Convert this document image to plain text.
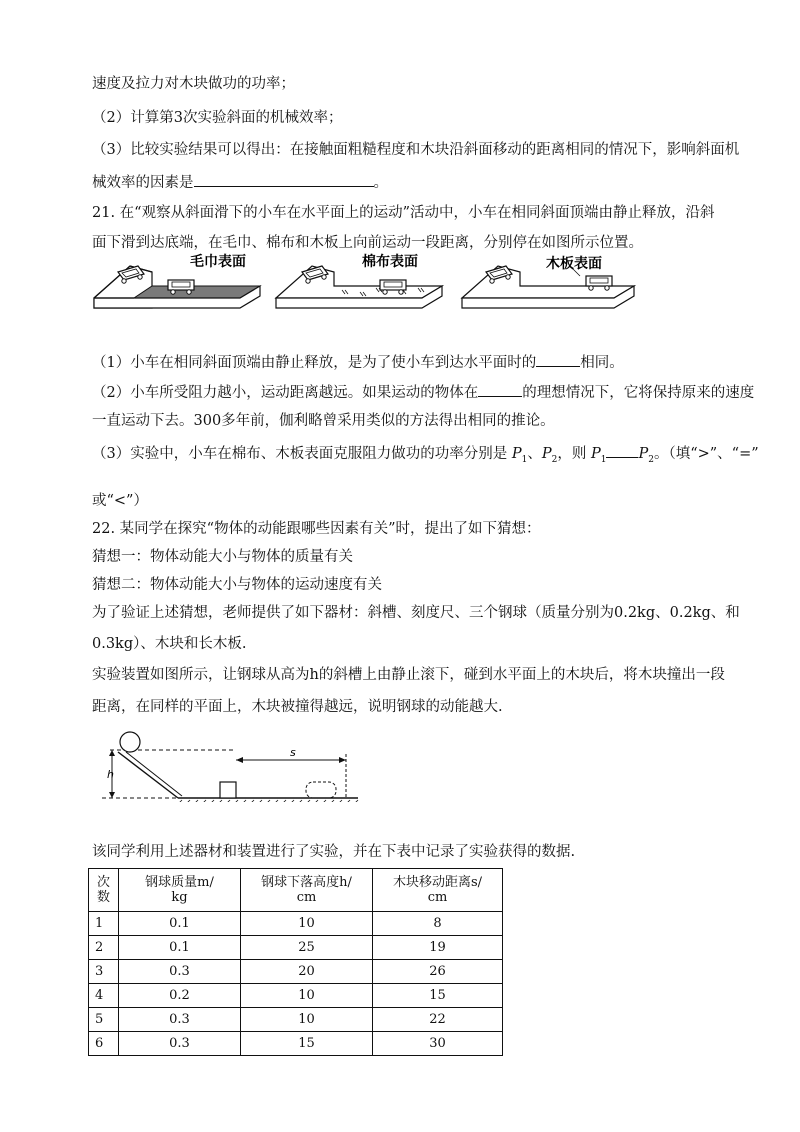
速度及拉力对木块做功的功率；
（2）计算第3次实验斜面的机械效率；
（3）比较实验结果可以得出：在接触面粗糙程度和木块沿斜面移动的距离相同的情况下，影响斜面机
械效率的因素是	。
21. 在“观察从斜面滑下的小车在水平面上的运动”活动中，小车在相同斜面顶端由静止释放，沿斜
面下滑到达底端，在毛巾、棉布和木板上向前运动一段距离，分别停在如图所示位置。
毛巾表面	棉布表面	木板表面
（1）小车在相同斜面顶端由静止释放，是为了使小车到达水平面时的	相同。
（2）小车所受阻力越小，运动距离越远。如果运动的物体在	的理想情况下，它将保持原来的速度
一直运动下去。300多年前，伽利略曾采用类似的方法得出相同的推论。
（3）实验中，小车在棉布、木板表面克服阻力做功的功率分别是 $P_1$、$P_2$，则 $P_1$ $P_2$。（填“>”、“=”
或“<”）
22. 某同学在探究“物体的动能跟哪些因素有关”时，提出了如下猜想：
猜想一：物体动能大小与物体的质量有关
猜想二：物体动能大小与物体的运动速度有关
为了验证上述猜想，老师提供了如下器材：斜槽、刻度尺、三个钢球（质量分别为0.2kg、0.2kg、和
0.3kg）、木块和长木板.
实验装置如图所示，让钢球从高为h的斜槽上由静止滚下，碰到水平面上的木块后，将木块撞出一段
距离，在同样的平面上，木块被撞得越远，说明钢球的动能越大.
h
s
该同学利用上述器材和装置进行了实验，并在下表中记录了实验获得的数据.
次
数	钢球质量m/
kg	钢球下落高度h/
cm	木块移动距离s/
cm
1	0.1	10	8
2	0.1	25	19
3	0.3	20	26
4	0.2	10	15
5	0.3	10	22
6	0.3	15	30
